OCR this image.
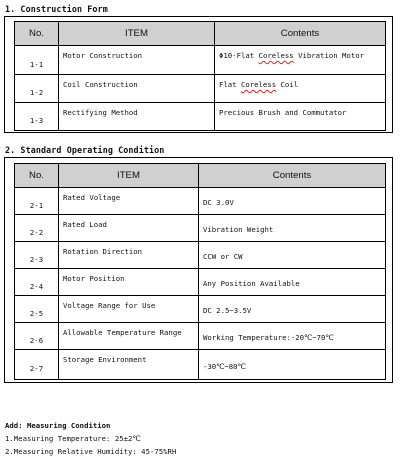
1. Construction Form
No.	ITEM	Contents
1-1	Motor Construction	Φ10-Flat Coreless Vibration Motor
1-2	Coil Construction	Flat Coreless Coil
1-3	Rectifying Method	Precious Brush and Commutator
2. Standard Operating Condition
No.	ITEM	Contents
2-1	Rated Voltage	DC 3.0V
2-2	Rated Load	Vibration Weight
2-3	Rotation Direction	CCW or CW
2-4	Motor Position	Any Position Available
2-5	Voltage Range for Use	DC 2.5~3.5V
2-6	Allowable Temperature Range	Working Temperature:-20℃~70℃
2-7	Storage Environment	-30℃~80℃
Add: Measuring Condition
1.Measuring Temperature: 25±2℃
2.Measuring Relative Humidity: 45-75%RH
